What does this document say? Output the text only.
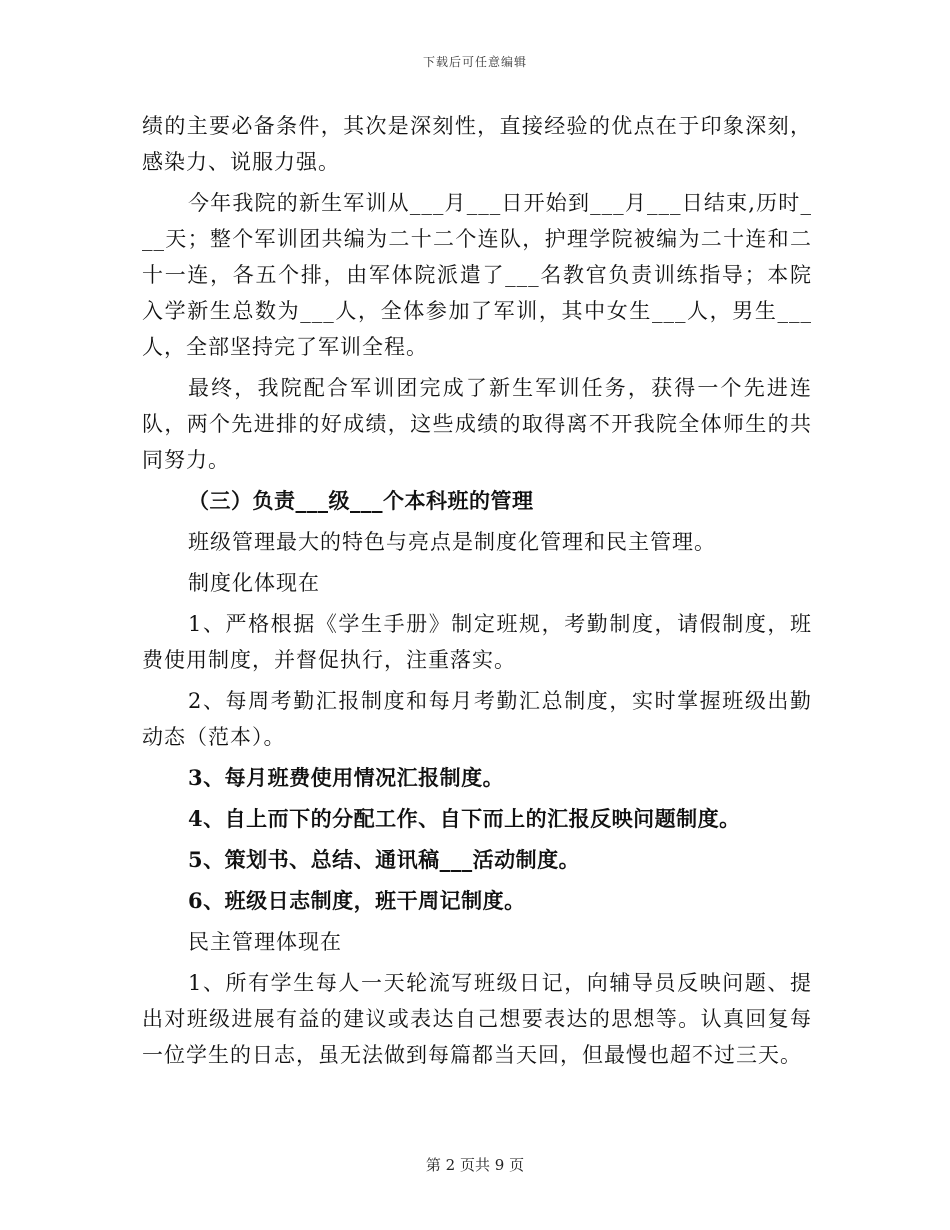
下载后可任意编辑

绩的主要必备条件，其次是深刻性，直接经验的优点在于印象深刻，感染力、说服力强。

今年我院的新生军训从___月___日开始到___月___日结束,历时___天；整个军训团共编为二十二个连队，护理学院被编为二十连和二十一连，各五个排，由军体院派遣了___名教官负责训练指导；本院入学新生总数为___人，全体参加了军训，其中女生___人，男生___人，全部坚持完了军训全程。

最终，我院配合军训团完成了新生军训任务，获得一个先进连队，两个先进排的好成绩，这些成绩的取得离不开我院全体师生的共同努力。

（三）负责___级___个本科班的管理

班级管理最大的特色与亮点是制度化管理和民主管理。

制度化体现在

1、严格根据《学生手册》制定班规，考勤制度，请假制度，班费使用制度，并督促执行，注重落实。

2、每周考勤汇报制度和每月考勤汇总制度，实时掌握班级出勤动态（范本）。

3、每月班费使用情况汇报制度。

4、自上而下的分配工作、自下而上的汇报反映问题制度。

5、策划书、总结、通讯稿___活动制度。

6、班级日志制度，班干周记制度。

民主管理体现在

1、所有学生每人一天轮流写班级日记，向辅导员反映问题、提出对班级进展有益的建议或表达自己想要表达的思想等。认真回复每一位学生的日志，虽无法做到每篇都当天回，但最慢也超不过三天。

第 2 页共 9 页
